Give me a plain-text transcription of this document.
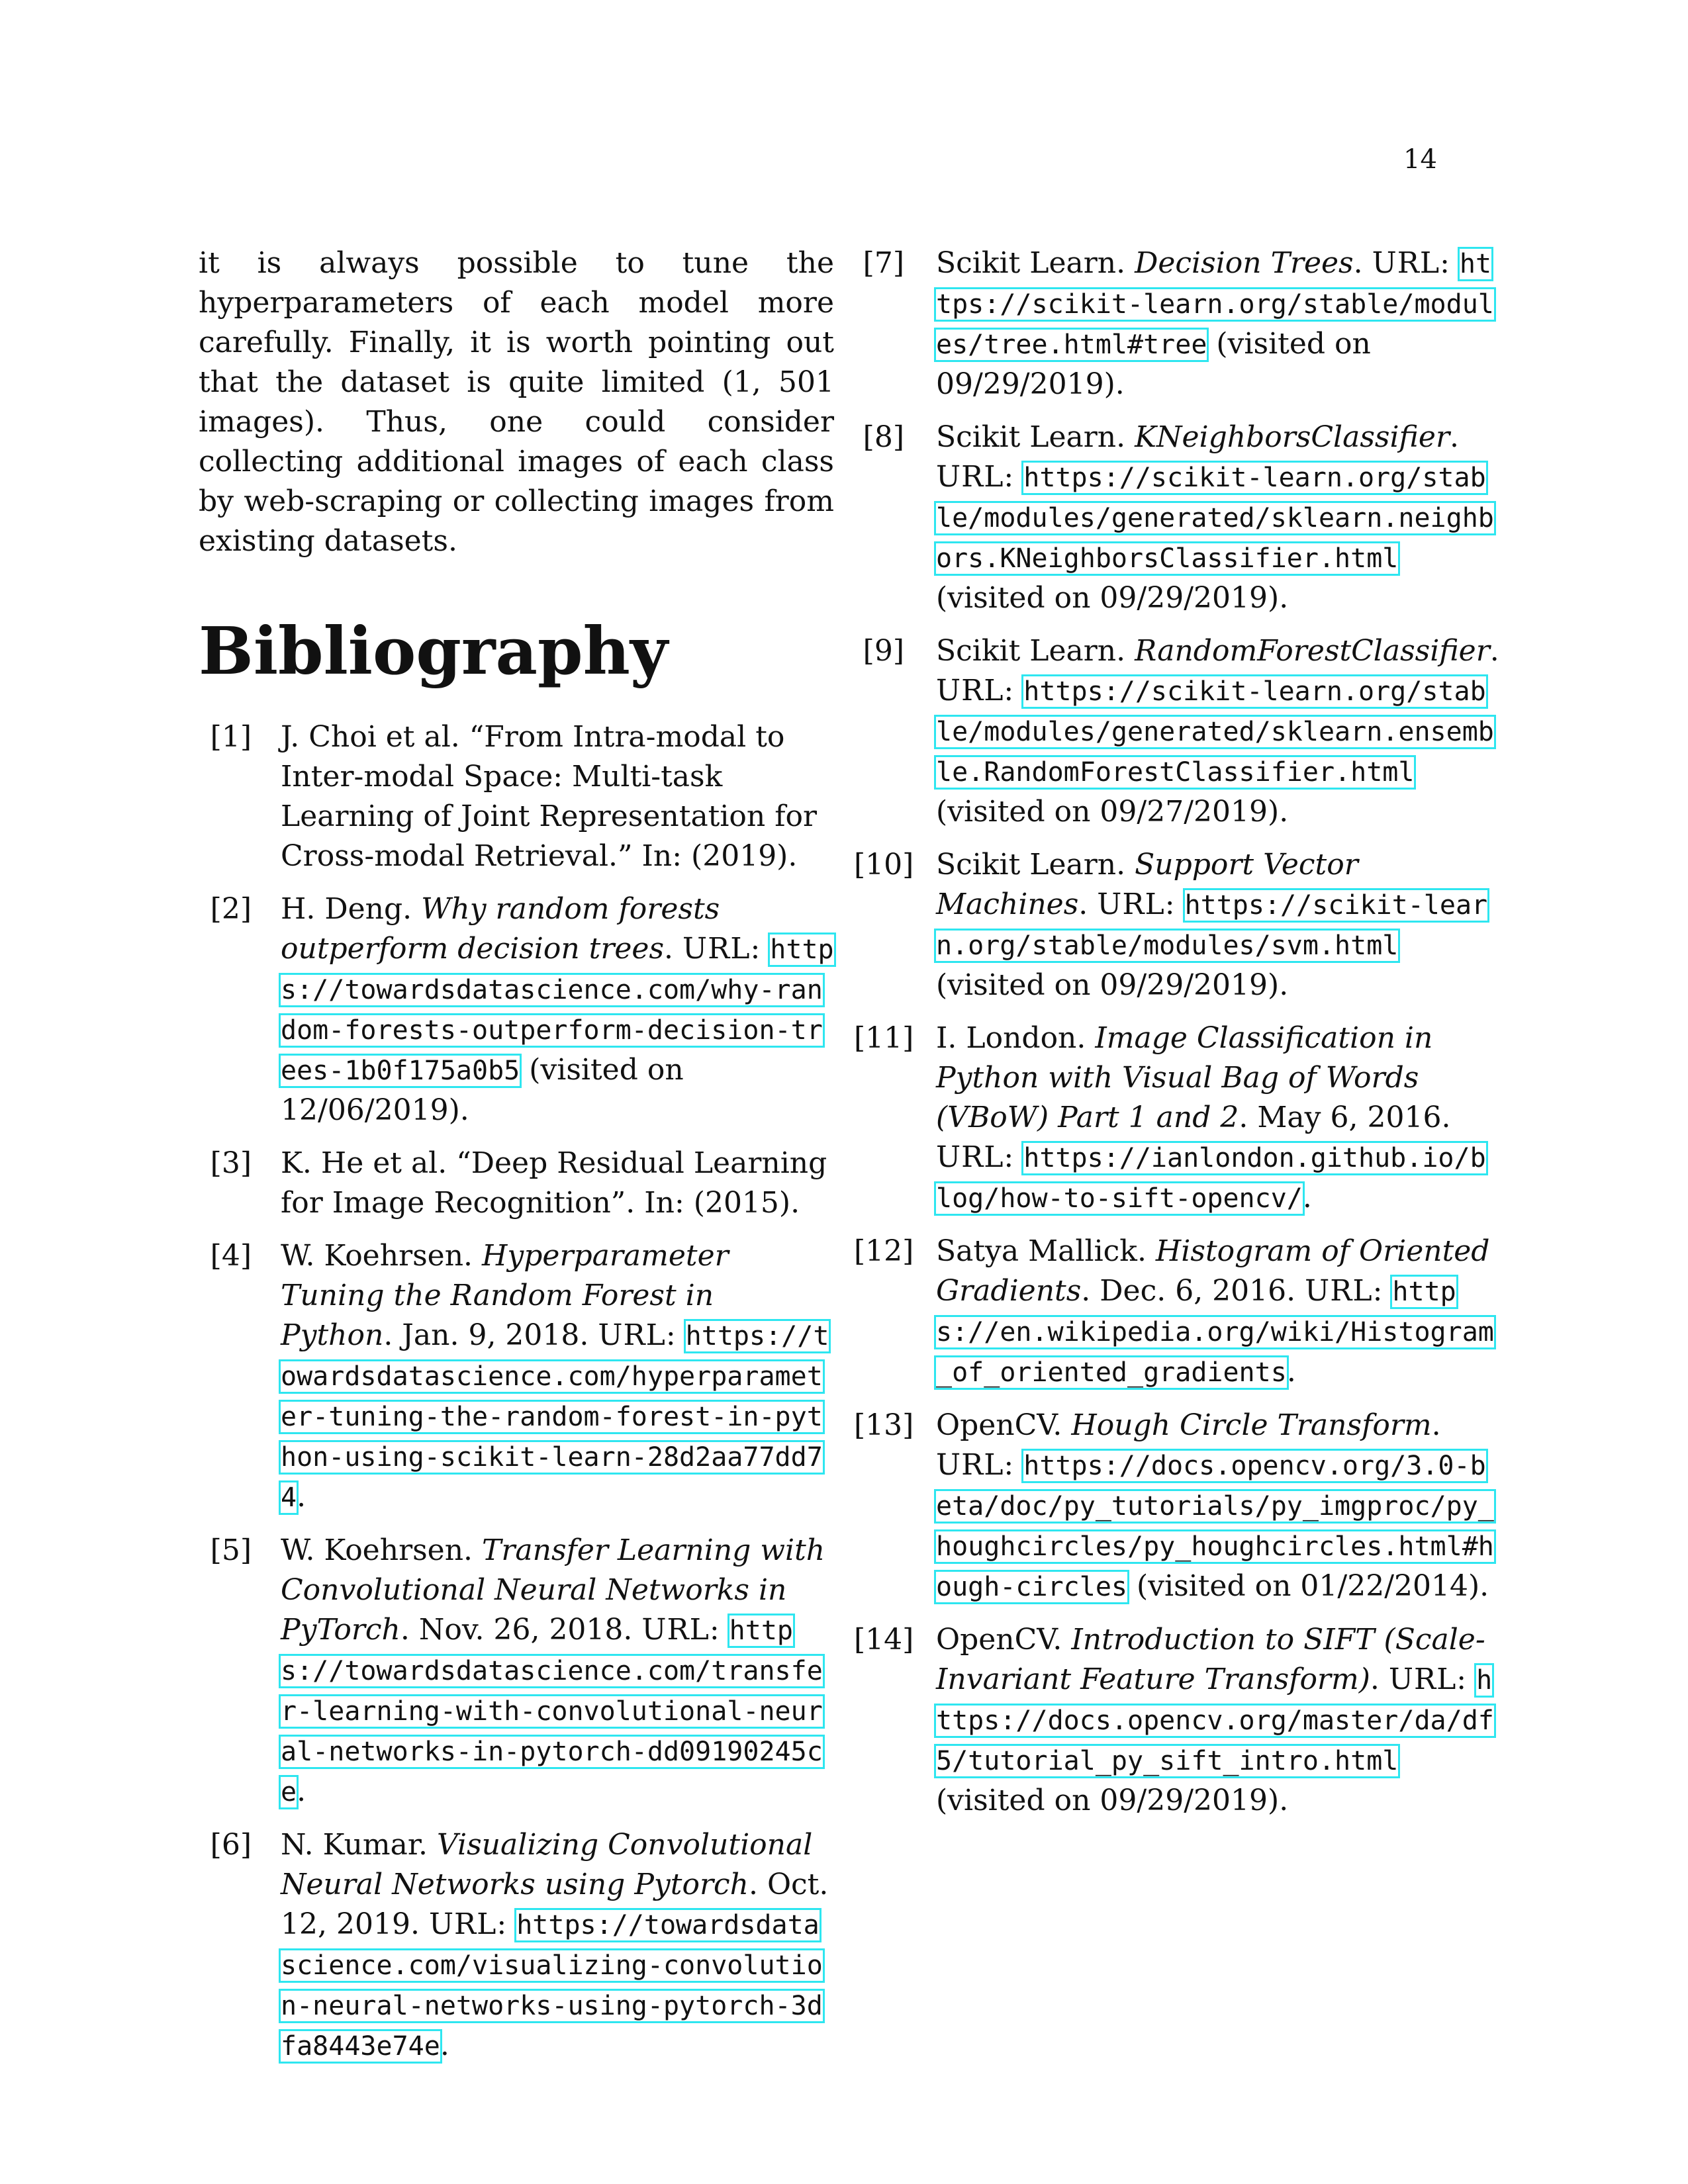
14

it is always possible to tune the hyperparameters of each model more carefully. Finally, it is worth pointing out that the dataset is quite limited (1, 501 images). Thus, one could consider collecting additional images of each class by web-scraping or collecting images from existing datasets.

Bibliography
[1] J. Choi et al. “From Intra-modal to Inter-modal Space: Multi-task Learning of Joint Representation for Cross-modal Retrieval.” In: (2019).
[2] H. Deng. Why random forests outperform decision trees. URL: https://towardsdatascience.com/why-random-forests-outperform-decision-trees-1b0f175a0b5 (visited on 12/06/2019).
[3] K. He et al. “Deep Residual Learning for Image Recognition”. In: (2015).
[4] W. Koehrsen. Hyperparameter Tuning the Random Forest in Python. Jan. 9, 2018. URL: https://towardsdatascience.com/hyperparameter-tuning-the-random-forest-in-python-using-scikit-learn-28d2aa77dd74.
[5] W. Koehrsen. Transfer Learning with Convolutional Neural Networks in PyTorch. Nov. 26, 2018. URL: https://towardsdatascience.com/transfer-learning-with-convolutional-neural-networks-in-pytorch-dd09190245ce.
[6] N. Kumar. Visualizing Convolutional Neural Networks using Pytorch. Oct. 12, 2019. URL: https://towardsdatascience.com/visualizing-convolution-neural-networks-using-pytorch-3dfa8443e74e.
[7] Scikit Learn. Decision Trees. URL: https://scikit-learn.org/stable/modules/tree.html#tree (visited on 09/29/2019).
[8] Scikit Learn. KNeighborsClassifier. URL: https://scikit-learn.org/stable/modules/generated/sklearn.neighbors.KNeighborsClassifier.html (visited on 09/29/2019).
[9] Scikit Learn. RandomForestClassifier. URL: https://scikit-learn.org/stable/modules/generated/sklearn.ensemble.RandomForestClassifier.html (visited on 09/27/2019).
[10] Scikit Learn. Support Vector Machines. URL: https://scikit-learn.org/stable/modules/svm.html (visited on 09/29/2019).
[11] I. London. Image Classification in Python with Visual Bag of Words (VBoW) Part 1 and 2. May 6, 2016. URL: https://ianlondon.github.io/blog/how-to-sift-opencv/.
[12] Satya Mallick. Histogram of Oriented Gradients. Dec. 6, 2016. URL: https://en.wikipedia.org/wiki/Histogram_of_oriented_gradients.
[13] OpenCV. Hough Circle Transform. URL: https://docs.opencv.org/3.0-beta/doc/py_tutorials/py_imgproc/py_houghcircles/py_houghcircles.html#hough-circles (visited on 01/22/2014).
[14] OpenCV. Introduction to SIFT (Scale-Invariant Feature Transform). URL: https://docs.opencv.org/master/da/df5/tutorial_py_sift_intro.html (visited on 09/29/2019).
